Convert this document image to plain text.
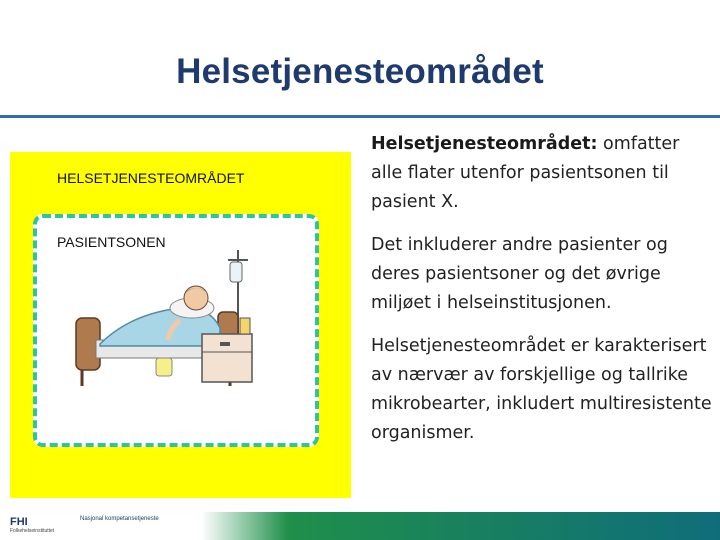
Helsetjenesteområdet
HELSETJENESTEOMRÅDET
PASIENTSONEN

Helsetjenesteområdet: omfatter alle flater utenfor pasientsonen til pasient X.

Det inkluderer andre pasienter og deres pasientsoner og det øvrige miljøet i helseinstitusjonen.

Helsetjenesteområdet er karakterisert av nærvær av forskjellige og tallrike mikrobearter, inkludert multiresistente organismer.

FHI
Folkehelseinstituttet
Nasjonal kompetansetjeneste
